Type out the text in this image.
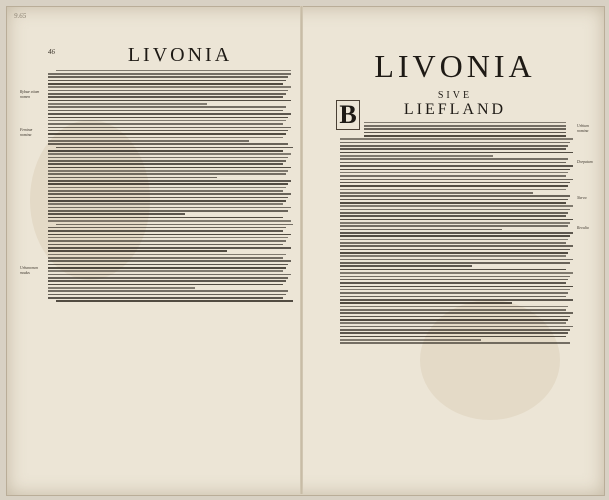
9.65
46	LIVONIA
Rybsæ etiam nomen
Feminæ nomina
Urbanorum modus
LIVONIA
SIVE
LIEFLAND
B	Urbium nomina
Dorpatum
Narva
Revalia
